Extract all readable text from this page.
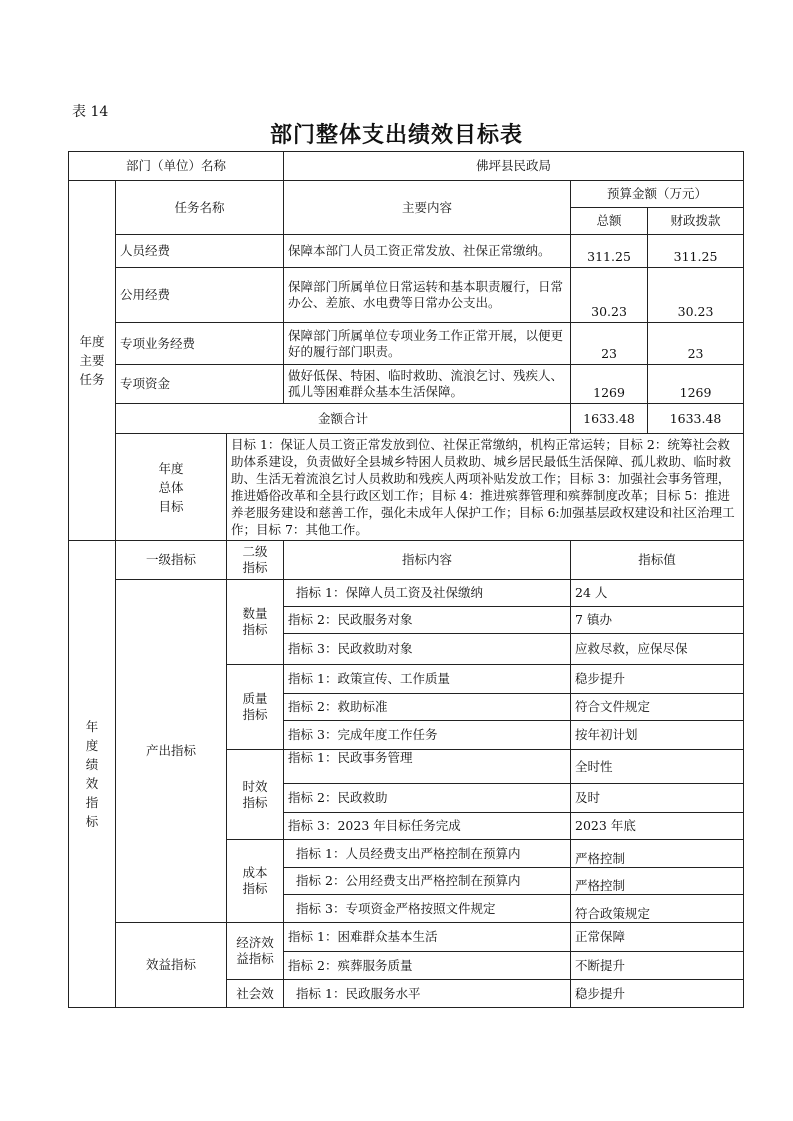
表 14
部门整体支出绩效目标表
部门（单位）名称			佛坪县民政局		

年度主要任务	任务名称		主要内容	预算金额（万元）	
				总额	财政拨款
	人员经费		保障本部门人员工资正常发放、社保正常缴纳。	311.25	311.25
	公用经费		保障部门所属单位日常运转和基本职责履行，日常办公、差旅、水电费等日常办公支出。	30.23	30.23
	专项业务经费		保障部门所属单位专项业务工作正常开展，以便更好的履行部门职责。	23	23
	专项资金		做好低保、特困、临时救助、流浪乞讨、残疾人、孤儿等困难群众基本生活保障。	1269	1269
	金额合计			1633.48	1633.48

	年度总体目标	目标 1：保证人员工资正常发放到位、社保正常缴纳，机构正常运转；目标 2：统筹社会救助体系建设，负责做好全县城乡特困人员救助、城乡居民最低生活保障、孤儿救助、临时救助、生活无着流浪乞讨人员救助和残疾人两项补贴发放工作；目标 3：加强社会事务管理，推进婚俗改革和全县行政区划工作；目标 4：推进殡葬管理和殡葬制度改革；目标 5：推进养老服务建设和慈善工作，强化未成年人保护工作；目标 6:加强基层政权建设和社区治理工作；目标 7：其他工作。			

年度绩效指标	一级指标	二级指标	指标内容	指标值	
	产出指标	数量指标	指标 1：保障人员工资及社保缴纳	24 人	
			指标 2：民政服务对象	7 镇办	
			指标 3：民政救助对象	应救尽救，应保尽保	

		质量指标	指标 1：政策宣传、工作质量	稳步提升	
			指标 2：救助标准	符合文件规定	
			指标 3：完成年度工作任务	按年初计划	

		时效指标	指标 1：民政事务管理	全时性	
			指标 2：民政救助	及时	
			指标 3：2023 年目标任务完成	2023 年底	

		成本指标	指标 1：人员经费支出严格控制在预算内	严格控制	
			指标 2：公用经费支出严格控制在预算内	严格控制	
			指标 3：专项资金严格按照文件规定	符合政策规定	
	效益指标	经济效益指标	指标 1：困难群众基本生活	正常保障	
			指标 2：殡葬服务质量	不断提升	
		社会效	指标 1：民政服务水平	稳步提升	
